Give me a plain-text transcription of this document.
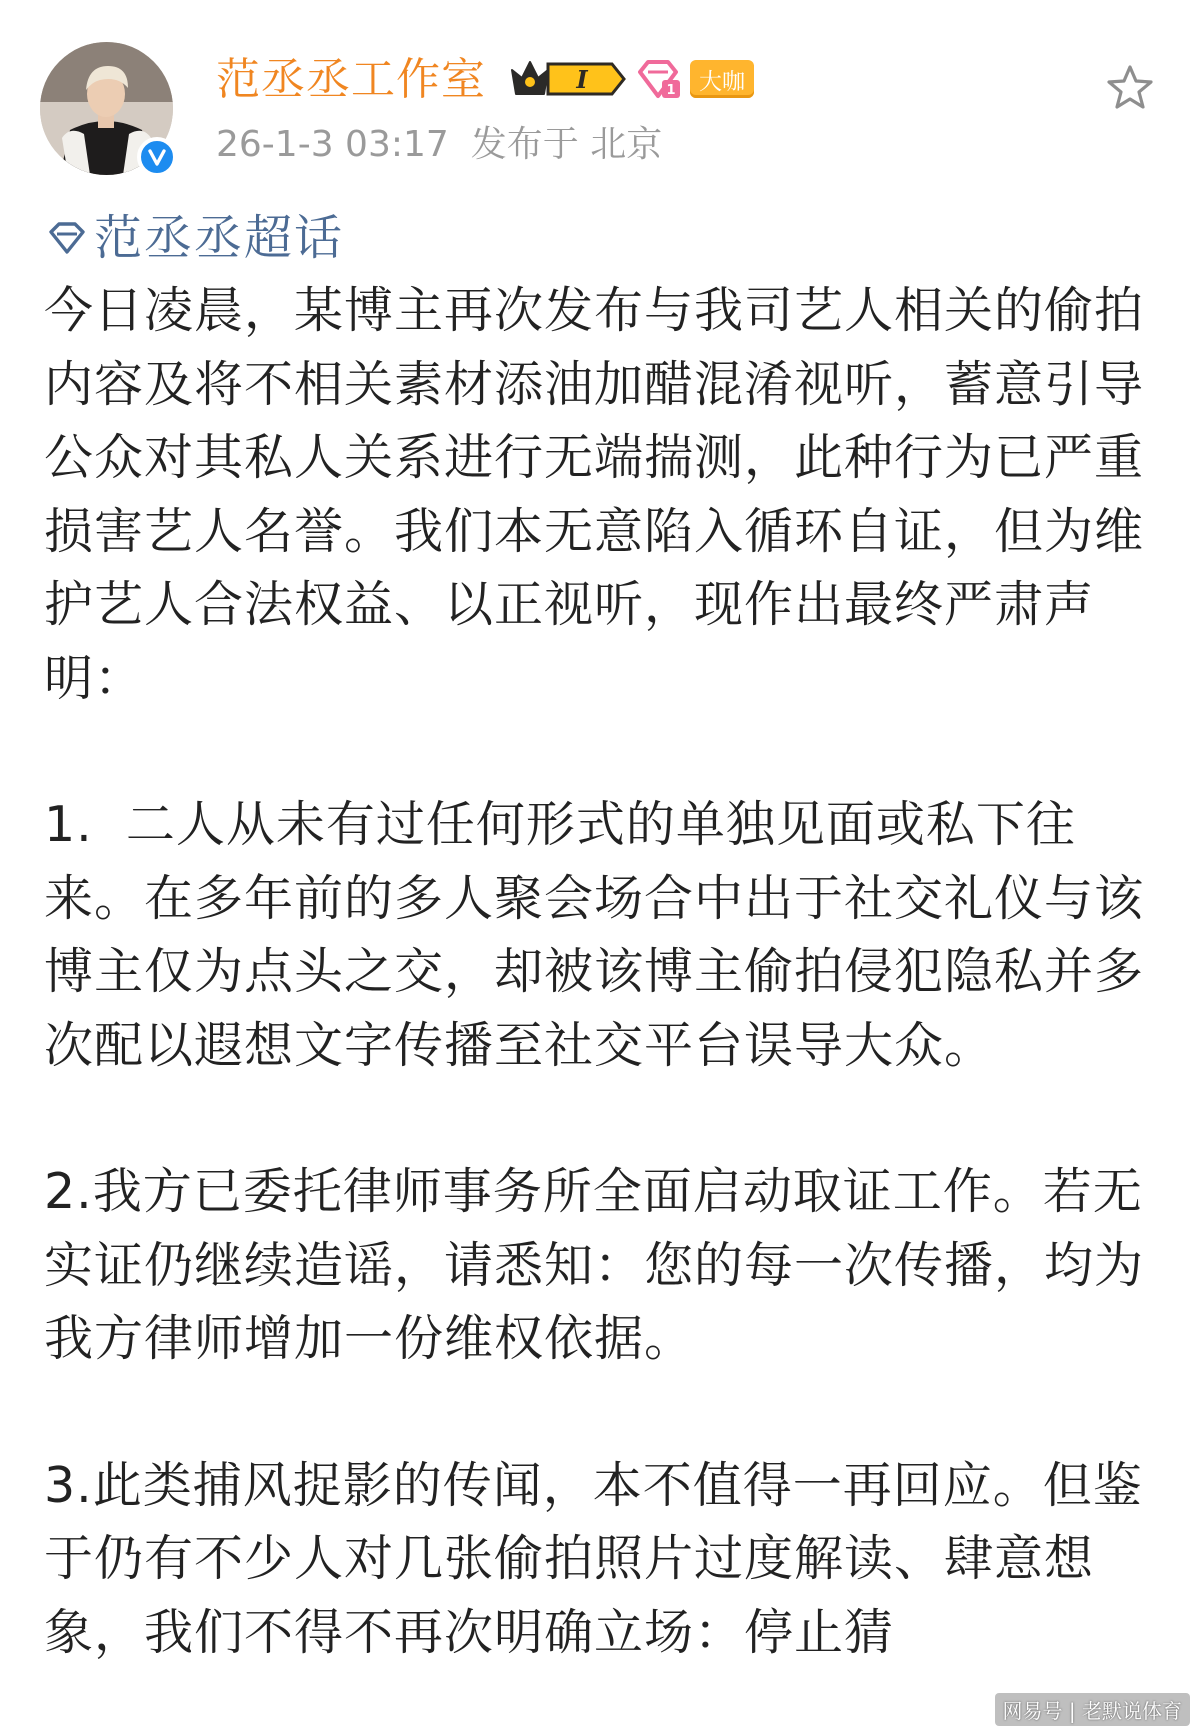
范丞丞工作室	I	1	大咖
26-1-3 03:17 发布于 北京
范丞丞超话

今日凌晨，某博主再次发布与我司艺人相关的偷拍内容及将不相关素材添油加醋混淆视听，蓄意引导公众对其私人关系进行无端揣测，此种行为已严重损害艺人名誉。我们本无意陷入循环自证，但为维护艺人合法权益、以正视听，现作出最终严肃声明：

1.  二人从未有过任何形式的单独见面或私下往来。在多年前的多人聚会场合中出于社交礼仪与该博主仅为点头之交，却被该博主偷拍侵犯隐私并多次配以遐想文字传播至社交平台误导大众。

2.我方已委托律师事务所全面启动取证工作。若无实证仍继续造谣，请悉知：您的每一次传播，均为我方律师增加一份维权依据。

3.此类捕风捉影的传闻，本不值得一再回应。但鉴于仍有不少人对几张偷拍照片过度解读、肆意想象，我们不得不再次明确立场：停止猜

网易号 | 老默说体育
